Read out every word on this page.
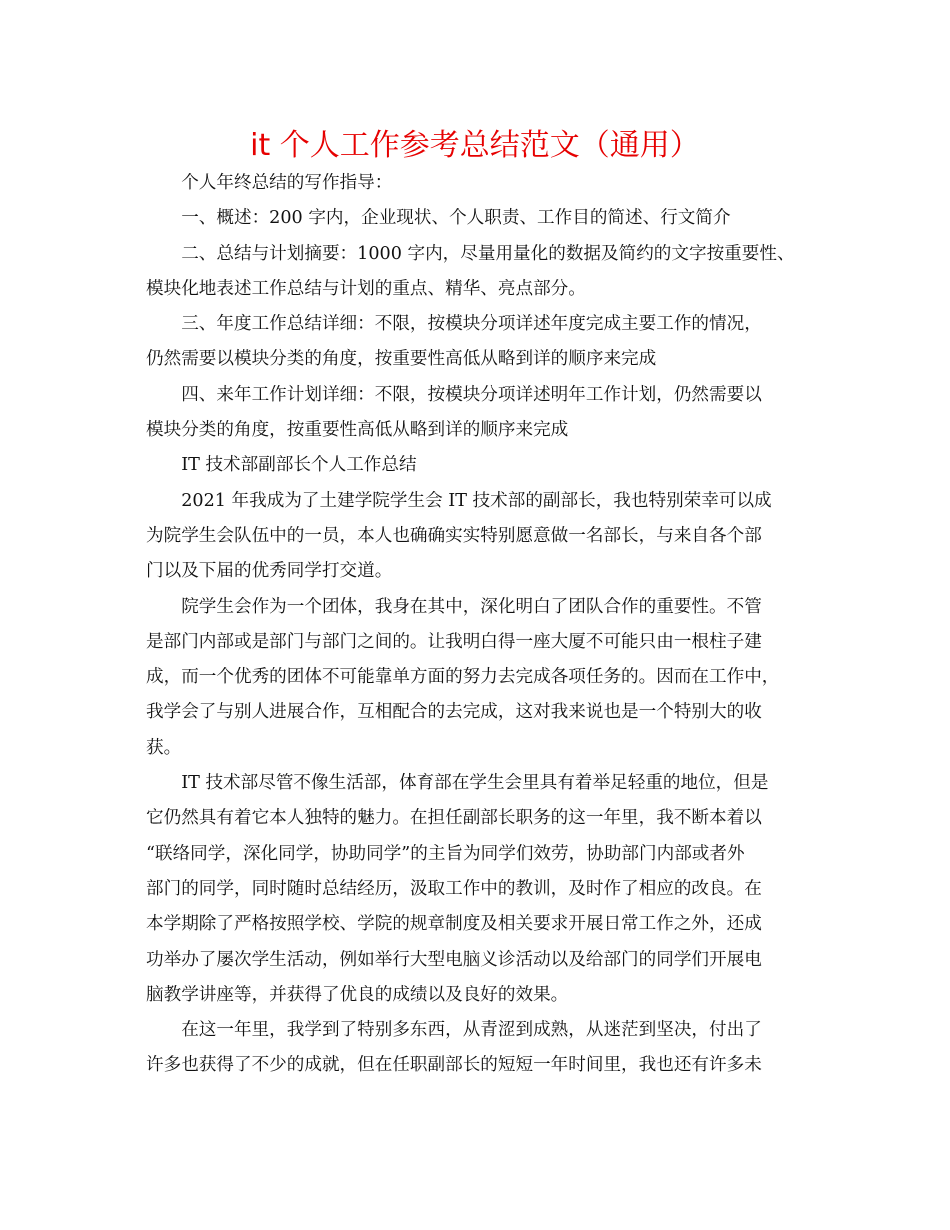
it 个人工作参考总结范文（通用）

个人年终总结的写作指导：

一、概述：200 字内，企业现状、个人职责、工作目的简述、行文简介

二、总结与计划摘要：1000 字内，尽量用量化的数据及简约的文字按重要性、
模块化地表述工作总结与计划的重点、精华、亮点部分。

三、年度工作总结详细：不限，按模块分项详述年度完成主要工作的情况，
仍然需要以模块分类的角度，按重要性高低从略到详的顺序来完成

四、来年工作计划详细：不限，按模块分项详述明年工作计划，仍然需要以
模块分类的角度，按重要性高低从略到详的顺序来完成

IT 技术部副部长个人工作总结

2021 年我成为了土建学院学生会 IT 技术部的副部长，我也特别荣幸可以成
为院学生会队伍中的一员，本人也确确实实特别愿意做一名部长，与来自各个部
门以及下届的优秀同学打交道。

院学生会作为一个团体，我身在其中，深化明白了团队合作的重要性。不管
是部门内部或是部门与部门之间的。让我明白得一座大厦不可能只由一根柱子建
成，而一个优秀的团体不可能靠单方面的努力去完成各项任务的。因而在工作中，
我学会了与别人进展合作，互相配合的去完成，这对我来说也是一个特别大的收
获。

IT 技术部尽管不像生活部，体育部在学生会里具有着举足轻重的地位，但是
它仍然具有着它本人独特的魅力。在担任副部长职务的这一年里，我不断本着以
“联络同学，深化同学，协助同学”的主旨为同学们效劳，协助部门内部或者外
部门的同学，同时随时总结经历，汲取工作中的教训，及时作了相应的改良。在
本学期除了严格按照学校、学院的规章制度及相关要求开展日常工作之外，还成
功举办了屡次学生活动，例如举行大型电脑义诊活动以及给部门的同学们开展电
脑教学讲座等，并获得了优良的成绩以及良好的效果。

在这一年里，我学到了特别多东西，从青涩到成熟，从迷茫到坚决，付出了
许多也获得了不少的成就，但在任职副部长的短短一年时间里，我也还有许多未
